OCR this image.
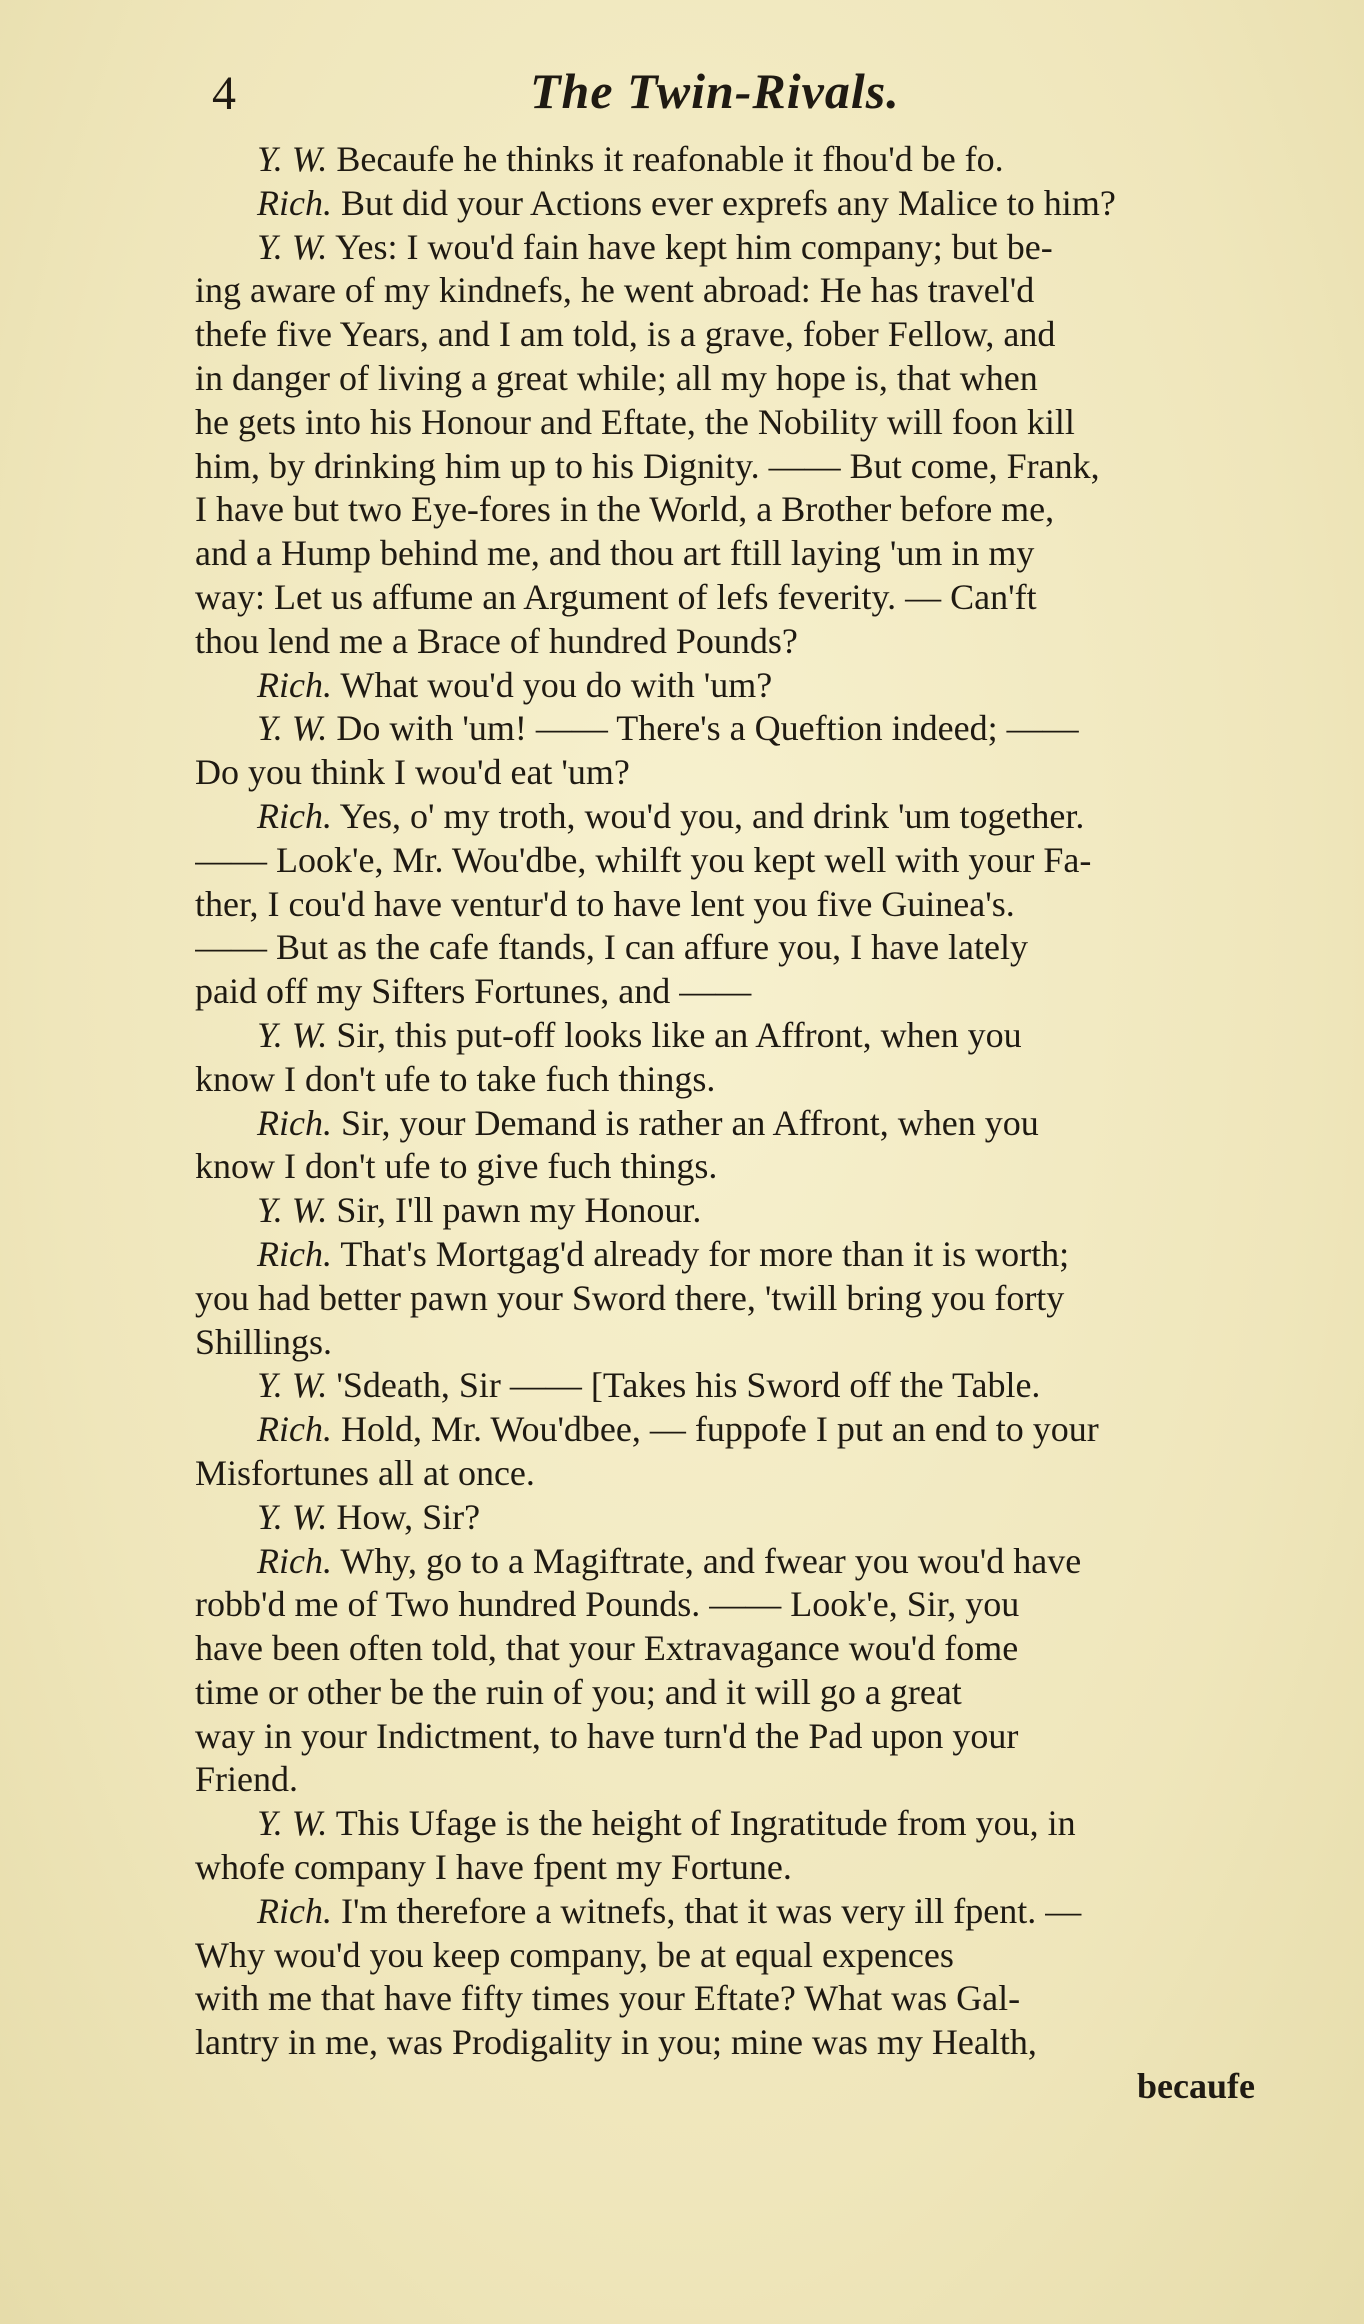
4	The Twin-Rivals.
Y. W. Becaufe he thinks it reafonable it fhou'd be fo.
Rich. But did your Actions ever exprefs any Malice to him?
Y. W. Yes: I wou'd fain have kept him company; but be-
ing aware of my kindnefs, he went abroad: He has travel'd
thefe five Years, and I am told, is a grave, fober Fellow, and
in danger of living a great while; all my hope is, that when
he gets into his Honour and Eftate, the Nobility will foon kill
him, by drinking him up to his Dignity. —— But come, Frank,
I have but two Eye-fores in the World, a Brother before me,
and a Hump behind me, and thou art ftill laying 'um in my
way: Let us affume an Argument of lefs feverity. — Can'ft
thou lend me a Brace of hundred Pounds?
Rich. What wou'd you do with 'um?
Y. W. Do with 'um! —— There's a Queftion indeed; ——
Do you think I wou'd eat 'um?
Rich. Yes, o' my troth, wou'd you, and drink 'um together.
—— Look'e, Mr. Wou'dbe, whilft you kept well with your Fa-
ther, I cou'd have ventur'd to have lent you five Guinea's.
—— But as the cafe ftands, I can affure you, I have lately
paid off my Sifters Fortunes, and ——
Y. W. Sir, this put-off looks like an Affront, when you
know I don't ufe to take fuch things.
Rich. Sir, your Demand is rather an Affront, when you
know I don't ufe to give fuch things.
Y. W. Sir, I'll pawn my Honour.
Rich. That's Mortgag'd already for more than it is worth;
you had better pawn your Sword there, 'twill bring you forty
Shillings.
Y. W. 'Sdeath, Sir —— [Takes his Sword off the Table.
Rich. Hold, Mr. Wou'dbee, — fuppofe I put an end to your
Misfortunes all at once.
Y. W. How, Sir?
Rich. Why, go to a Magiftrate, and fwear you wou'd have
robb'd me of Two hundred Pounds. —— Look'e, Sir, you
have been often told, that your Extravagance wou'd fome
time or other be the ruin of you; and it will go a great
way in your Indictment, to have turn'd the Pad upon your
Friend.
Y. W. This Ufage is the height of Ingratitude from you, in
whofe company I have fpent my Fortune.
Rich. I'm therefore a witnefs, that it was very ill fpent. —
Why wou'd you keep company, be at equal expences
with me that have fifty times your Eftate? What was Gal-
lantry in me, was Prodigality in you; mine was my Health,
becaufe
